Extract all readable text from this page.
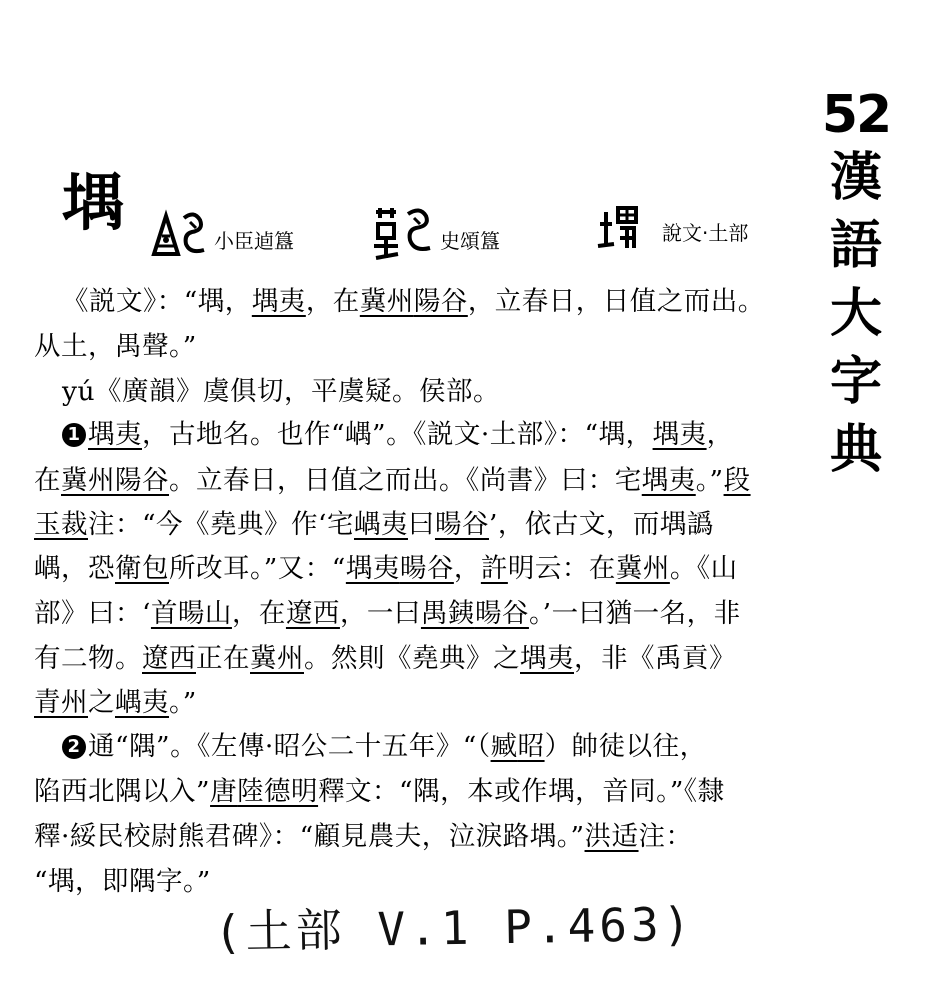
52
漢
語
大
字
典
堣
小臣逌簋	史頌簋	說文·土部
《説文》：“堣，堣夷，在冀州陽谷，立春日，日值之而出。
从土，禺聲。”
yú《廣韻》虞俱切，平虞疑。侯部。
1 堣夷，古地名。也作“嵎”。《説文·土部》：“堣，堣夷，
在冀州陽谷。立春日，日值之而出。《尚書》曰：宅堣夷。”段
玉裁注：“今《堯典》作‘宅嵎夷曰暘谷’，依古文，而堣譌
嵎，恐衛包所改耳。”又：“堣夷暘谷，許明云：在冀州。《山
部》曰：‘首暘山，在遼西，一曰禺銕暘谷。’一曰猶一名，非
有二物。遼西正在冀州。然則《堯典》之堣夷，非《禹貢》
青州之嵎夷。”
2 通“隅”。《左傳·昭公二十五年》“（臧昭）帥徒以往，
陷西北隅以入”唐陸德明釋文：“隅，本或作堣，音同。”《隸
釋·綏民校尉熊君碑》：“顧見農夫，泣淚路堣。”洪适注：
“堣，即隅字。”
(土部 V.1 P.463)
